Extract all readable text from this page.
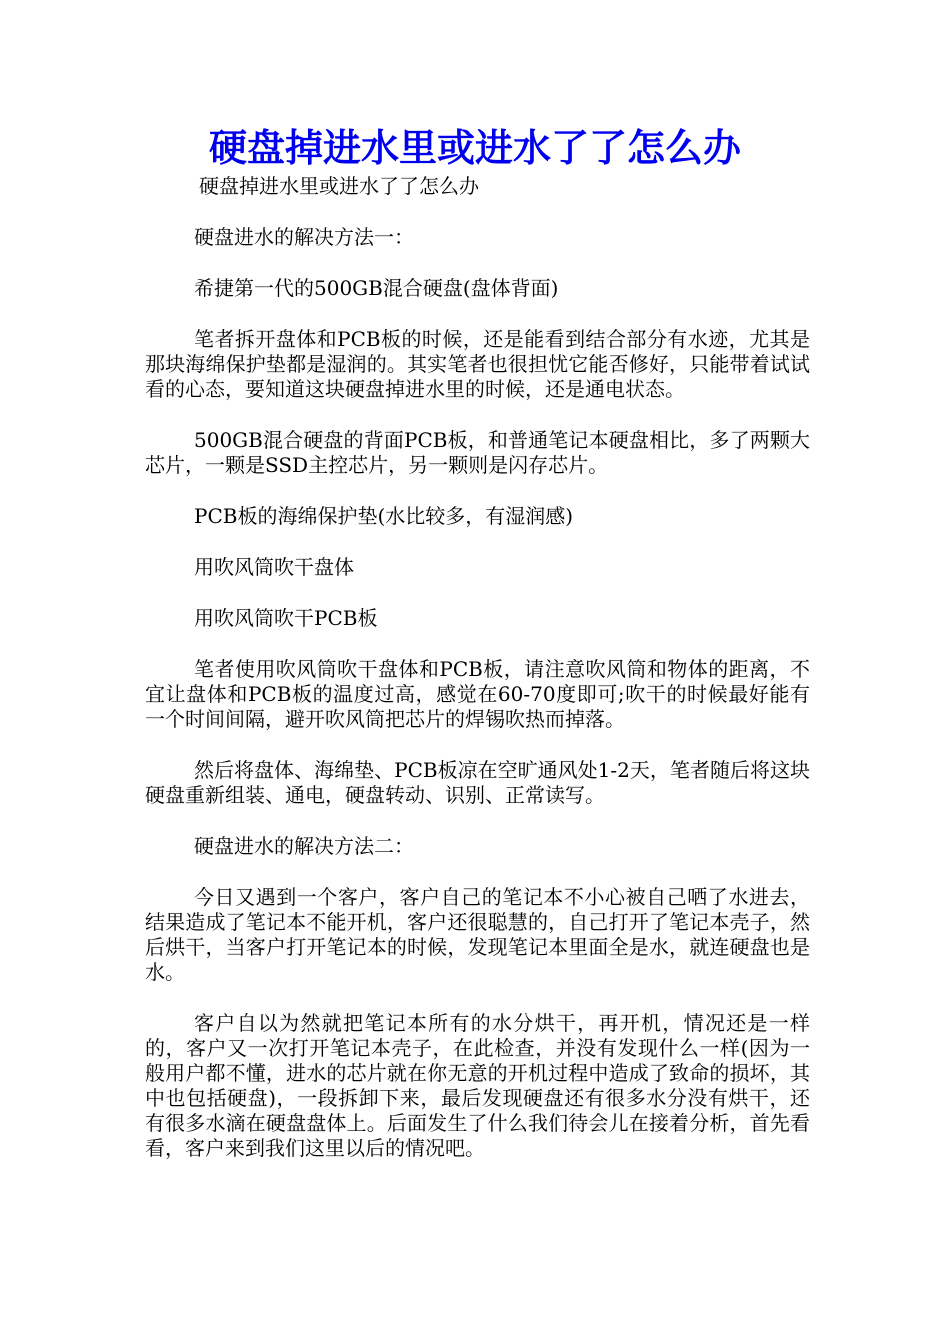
硬盘掉进水里或进水了了怎么办

硬盘掉进水里或进水了了怎么办

硬盘进水的解决方法一：

希捷第一代的500GB混合硬盘(盘体背面)

笔者拆开盘体和PCB板的时候，还是能看到结合部分有水迹，尤其是那块海绵保护垫都是湿润的。其实笔者也很担忧它能否修好，只能带着试试看的心态，要知道这块硬盘掉进水里的时候，还是通电状态。

500GB混合硬盘的背面PCB板，和普通笔记本硬盘相比，多了两颗大芯片，一颗是SSD主控芯片，另一颗则是闪存芯片。

PCB板的海绵保护垫(水比较多，有湿润感)

用吹风筒吹干盘体

用吹风筒吹干PCB板

笔者使用吹风筒吹干盘体和PCB板，请注意吹风筒和物体的距离，不宜让盘体和PCB板的温度过高，感觉在60-70度即可;吹干的时候最好能有一个时间间隔，避开吹风筒把芯片的焊锡吹热而掉落。

然后将盘体、海绵垫、PCB板凉在空旷通风处1-2天，笔者随后将这块硬盘重新组装、通电，硬盘转动、识别、正常读写。

硬盘进水的解决方法二：

今日又遇到一个客户，客户自己的笔记本不小心被自己哂了水进去，结果造成了笔记本不能开机，客户还很聪慧的，自己打开了笔记本壳子，然后烘干，当客户打开笔记本的时候，发现笔记本里面全是水，就连硬盘也是水。

客户自以为然就把笔记本所有的水分烘干，再开机，情况还是一样的，客户又一次打开笔记本壳子，在此检查，并没有发现什么一样(因为一般用户都不懂，进水的芯片就在你无意的开机过程中造成了致命的损坏，其中也包括硬盘)，一段拆卸下来，最后发现硬盘还有很多水分没有烘干，还有很多水滴在硬盘盘体上。后面发生了什么我们待会儿在接着分析，首先看看，客户来到我们这里以后的情况吧。
